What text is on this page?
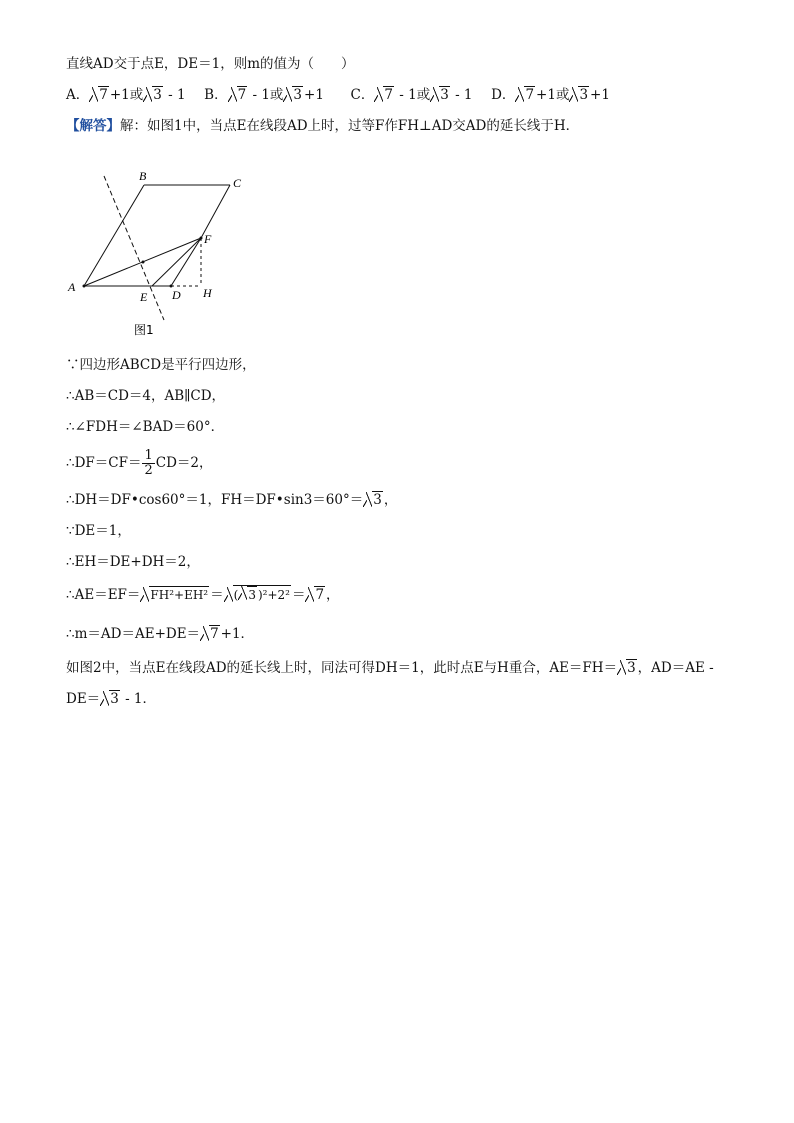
直线AD交于点E，DE＝1，则m的值为（　　）
A． 7 +1或 3 - 1 B． 7 - 1或 3 +1 C． 7 - 1或 3 - 1 D． 7 +1或 3 +1
【解答】解：如图1中，当点E在线段AD上时，过等F作FH⊥AD交AD的延长线于H．
B	C
F
A
E D H
图1
∵四边形ABCD是平行四边形，
∴AB＝CD＝4，AB∥CD，
∴∠FDH＝∠BAD＝60°．
∴DF＝CF＝ $\frac{1}{2} CD=2$，
∴DH＝DF•cos60°＝1，FH＝DF•sin3＝60°＝ 3 ，
∵DE＝1，
∴EH＝DE+DH＝2，
∴AE＝EF＝ FH²+EH² ＝ ( 3 )²+2² ＝ 7 ，
∴m＝AD＝AE+DE＝ 7 +1．
如图2中，当点E在线段AD的延长线上时，同法可得DH＝1，此时点E与H重合，AE＝FH＝ 3 ，AD＝AE -
DE＝ 3 - 1．
